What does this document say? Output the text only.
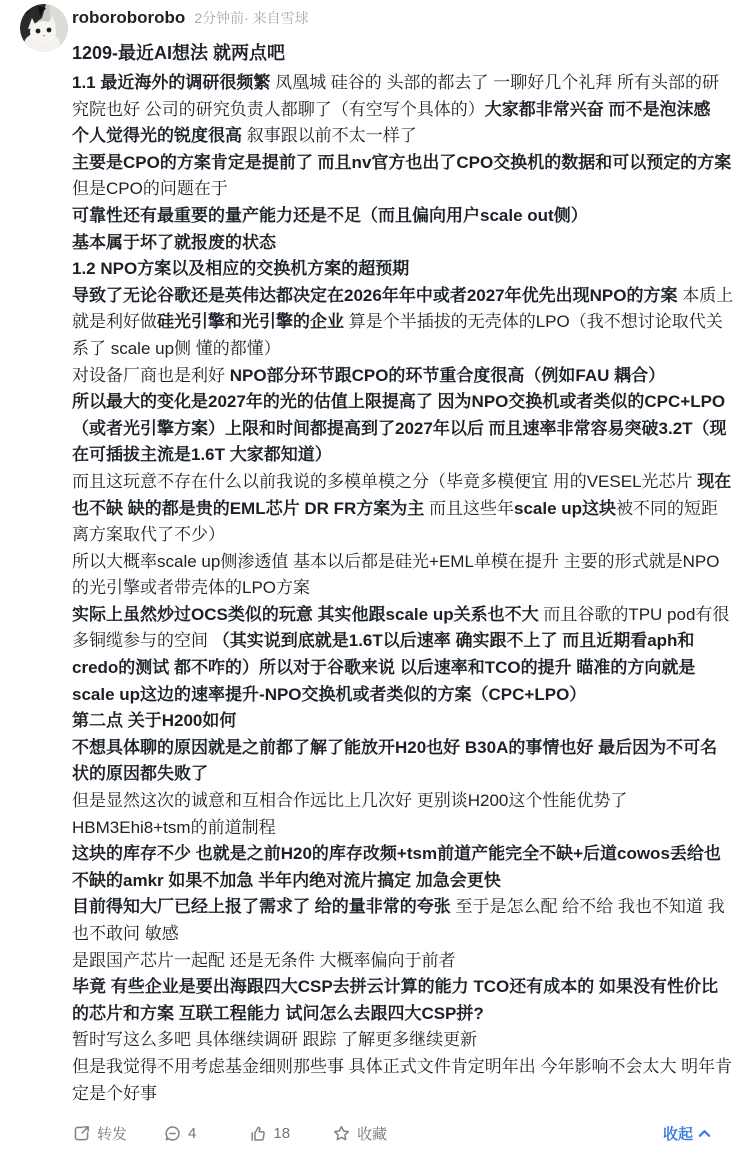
roboroborobo 2分钟前· 来自雪球
1209-最近AI想法 就两点吧
1.1 最近海外的调研很频繁 凤凰城 硅谷的 头部的都去了 一聊好几个礼拜 所有头部的研
究院也好 公司的研究负责人都聊了（有空写个具体的）大家都非常兴奋 而不是泡沫感
个人觉得光的锐度很高 叙事跟以前不太一样了
主要是CPO的方案肯定是提前了 而且nv官方也出了CPO交换机的数据和可以预定的方案
但是CPO的问题在于
可靠性还有最重要的量产能力还是不足（而且偏向用户scale out侧）
基本属于坏了就报废的状态
1.2 NPO方案以及相应的交换机方案的超预期
导致了无论谷歌还是英伟达都决定在2026年年中或者2027年优先出现NPO的方案 本质上
就是利好做硅光引擎和光引擎的企业 算是个半插拔的无壳体的LPO（我不想讨论取代关
系了 scale up侧 懂的都懂）
对设备厂商也是利好 NPO部分环节跟CPO的环节重合度很高（例如FAU 耦合）
所以最大的变化是2027年的光的估值上限提高了 因为NPO交换机或者类似的CPC+LPO
（或者光引擎方案）上限和时间都提高到了2027年以后 而且速率非常容易突破3.2T（现
在可插拔主流是1.6T 大家都知道）
而且这玩意不存在什么以前我说的多模单模之分（毕竟多模便宜 用的VESEL光芯片 现在
也不缺 缺的都是贵的EML芯片 DR FR方案为主 而且这些年scale up这块被不同的短距
离方案取代了不少）
所以大概率scale up侧渗透值 基本以后都是硅光+EML单模在提升 主要的形式就是NPO
的光引擎或者带壳体的LPO方案
实际上虽然炒过OCS类似的玩意 其实他跟scale up关系也不大 而且谷歌的TPU pod有很
多铜缆参与的空间 （其实说到底就是1.6T以后速率 确实跟不上了 而且近期看aph和
credo的测试 都不咋的）所以对于谷歌来说 以后速率和TCO的提升 瞄准的方向就是
scale up这边的速率提升-NPO交换机或者类似的方案（CPC+LPO）
第二点 关于H200如何
不想具体聊的原因就是之前都了解了能放开H20也好 B30A的事情也好 最后因为不可名
状的原因都失败了
但是显然这次的诚意和互相合作远比上几次好 更别谈H200这个性能优势了
HBM3Ehi8+tsm的前道制程
这块的库存不少 也就是之前H20的库存改频+tsm前道产能完全不缺+后道cowos丢给也
不缺的amkr 如果不加急 半年内绝对流片搞定 加急会更快
目前得知大厂已经上报了需求了 给的量非常的夸张 至于是怎么配 给不给 我也不知道 我
也不敢问 敏感
是跟国产芯片一起配 还是无条件 大概率偏向于前者
毕竟 有些企业是要出海跟四大CSP去拼云计算的能力 TCO还有成本的 如果没有性价比
的芯片和方案 互联工程能力 试问怎么去跟四大CSP拼?
暂时写这么多吧 具体继续调研 跟踪 了解更多继续更新
但是我觉得不用考虑基金细则那些事 具体正式文件肯定明年出 今年影响不会太大 明年肯
定是个好事
转发	4	18	收藏	收起
